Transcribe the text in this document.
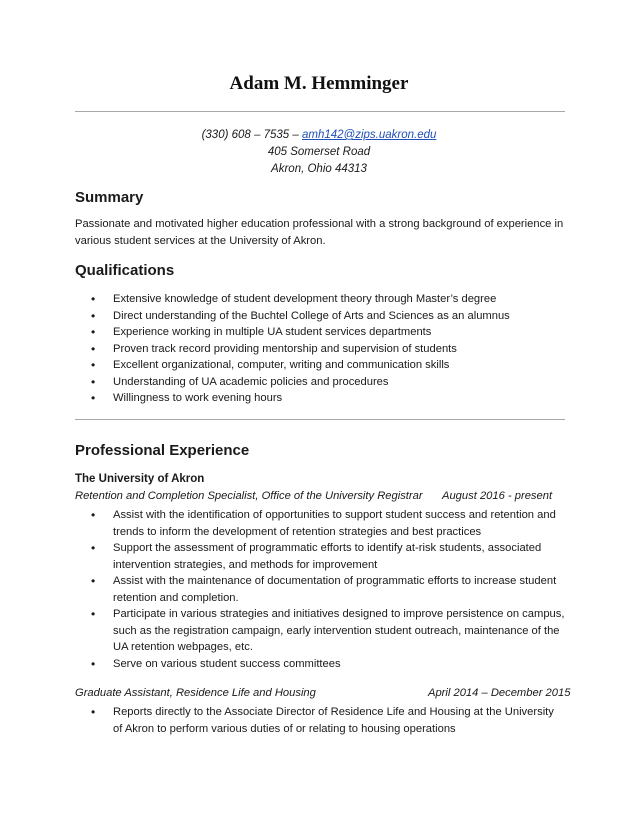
Adam M. Hemminger
(330) 608 – 7535 – amh142@zips.uakron.edu
405 Somerset Road
Akron, Ohio 44313
Summary
Passionate and motivated higher education professional with a strong background of experience in various student services at the University of Akron.
Qualifications
• Extensive knowledge of student development theory through Master’s degree
• Direct understanding of the Buchtel College of Arts and Sciences as an alumnus
• Experience working in multiple UA student services departments
• Proven track record providing mentorship and supervision of students
• Excellent organizational, computer, writing and communication skills
• Understanding of UA academic policies and procedures
• Willingness to work evening hours
Professional Experience
The University of Akron
Retention and Completion Specialist, Office of the University Registrar August 2016 - present
• Assist with the identification of opportunities to support student success and retention and trends to inform the development of retention strategies and best practices
• Support the assessment of programmatic efforts to identify at-risk students, associated intervention strategies, and methods for improvement
• Assist with the maintenance of documentation of programmatic efforts to increase student retention and completion.
• Participate in various strategies and initiatives designed to improve persistence on campus, such as the registration campaign, early intervention student outreach, maintenance of the UA retention webpages, etc.
• Serve on various student success committees
Graduate Assistant, Residence Life and Housing	April 2014 – December 2015
• Reports directly to the Associate Director of Residence Life and Housing at the University of Akron to perform various duties of or relating to housing operations
